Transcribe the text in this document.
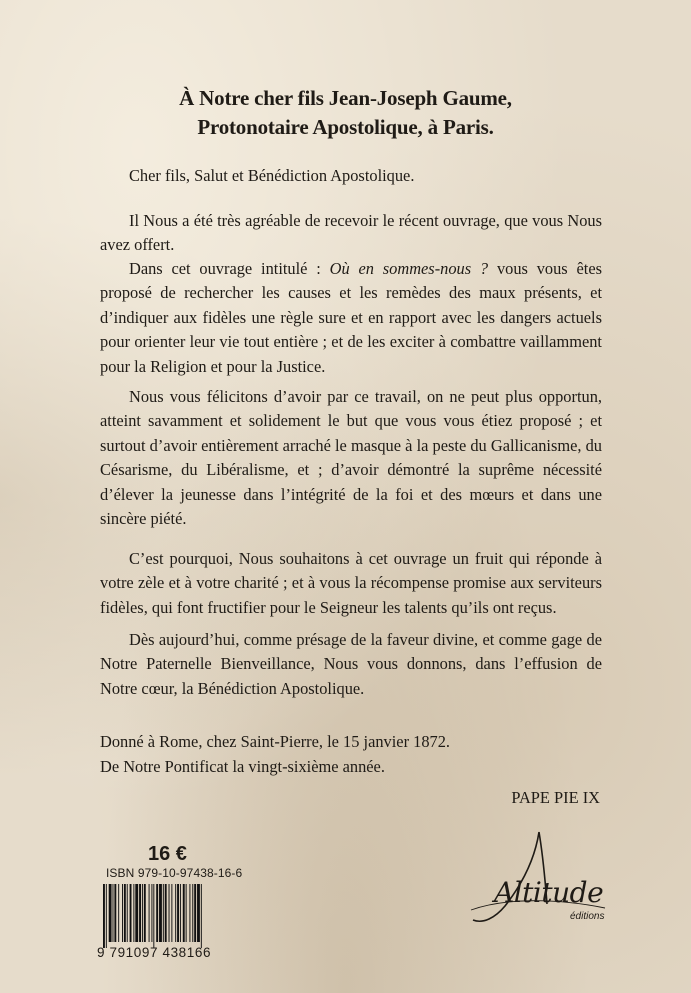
À Notre cher fils Jean-Joseph Gaume,
Protonotaire Apostolique, à Paris.
Cher fils, Salut et Bénédiction Apostolique.
Il Nous a été très agréable de recevoir le récent ouvrage, que vous Nous avez offert.
Dans cet ouvrage intitulé : Où en sommes-nous ? vous vous êtes proposé de rechercher les causes et les remèdes des maux présents, et d’indiquer aux fidèles une règle sure et en rapport avec les dangers actuels pour orienter leur vie tout entière ; et de les exciter à combattre vaillamment pour la Religion et pour la Justice.
Nous vous félicitons d’avoir par ce travail, on ne peut plus opportun, atteint savamment et solidement le but que vous vous étiez proposé ; et surtout d’avoir entièrement arraché le masque à la peste du Gallicanisme, du Césarisme, du Libéralisme, et ; d’avoir démontré la suprême nécessité d’élever la jeunesse dans l’intégrité de la foi et des mœurs et dans une sincère piété.
C’est pourquoi, Nous souhaitons à cet ouvrage un fruit qui réponde à votre zèle et à votre charité ; et à vous la récompense promise aux serviteurs fidèles, qui font fructifier pour le Seigneur les talents qu’ils ont reçus.
Dès aujourd’hui, comme présage de la faveur divine, et comme gage de Notre Paternelle Bienveillance, Nous vous donnons, dans l’effusion de Notre cœur, la Bénédiction Apostolique.
Donné à Rome, chez Saint-Pierre, le 15 janvier 1872.
De Notre Pontificat la vingt-sixième année.
PAPE PIE IX
16 €
ISBN 979-10-97438-16-6
9 791097 438166
Altitude
éditions
